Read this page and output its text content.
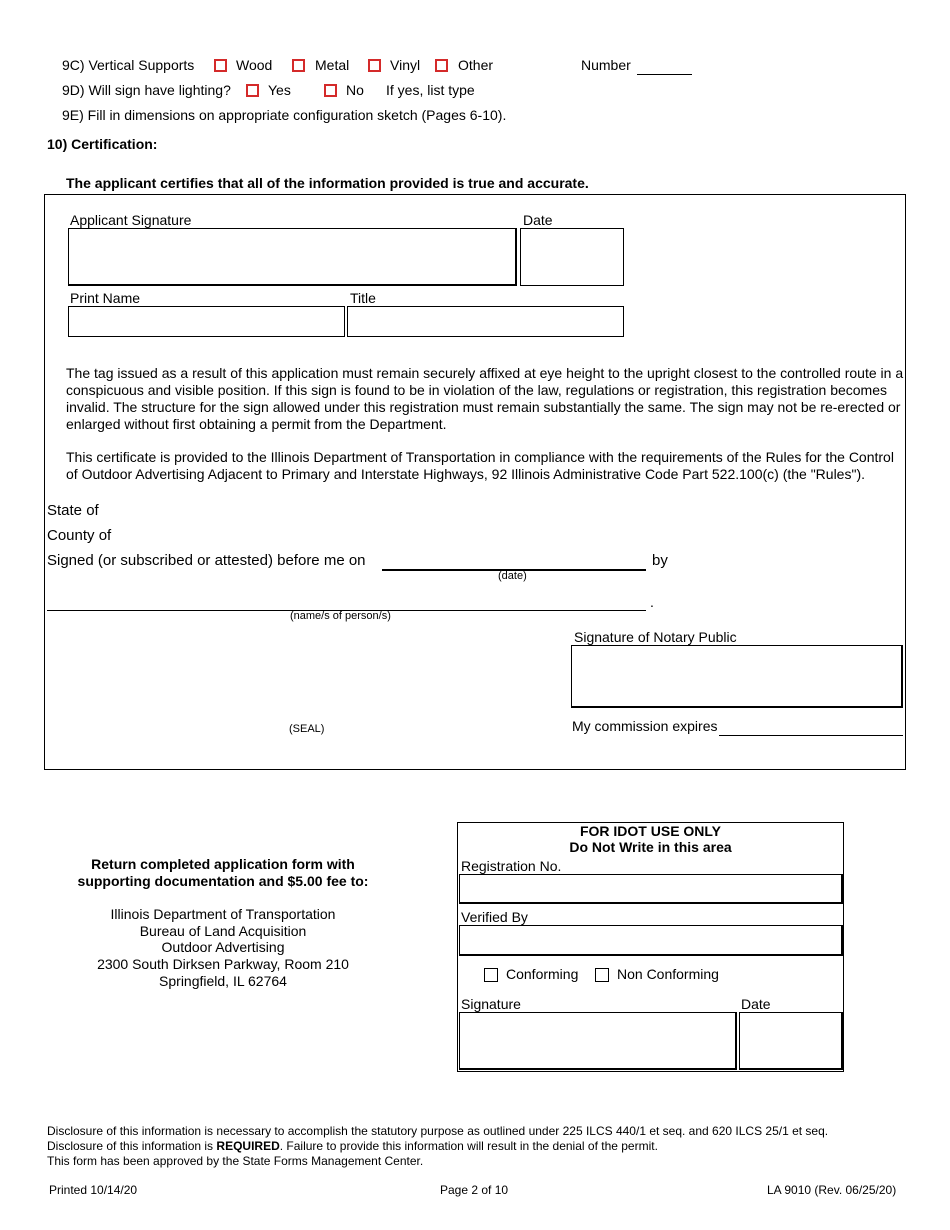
9C) Vertical Supports	Wood	Metal	Vinyl	Other	Number
9D) Will sign have lighting?	Yes	No If yes, list type
9E) Fill in dimensions on appropriate configuration sketch (Pages 6-10).
10) Certification:
The applicant certifies that all of the information provided is true and accurate.
Applicant Signature	Date
Print Name	Title
The tag issued as a result of this application must remain securely affixed at eye height to the upright closest to the controlled route in a conspicuous and visible position. If this sign is found to be in violation of the law, regulations or registration, this registration becomes invalid. The structure for the sign allowed under this registration must remain substantially the same. The sign may not be re-erected or enlarged without first obtaining a permit from the Department.
This certificate is provided to the Illinois Department of Transportation in compliance with the requirements of the Rules for the Control of Outdoor Advertising Adjacent to Primary and Interstate Highways, 92 Illinois Administrative Code Part 522.100(c) (the "Rules").
State of
County of
Signed (or subscribed or attested) before me on
(date)
by
.
(name/s of person/s)
Signature of Notary Public
(SEAL)	My commission expires
Return completed application form with
supporting documentation and $5.00 fee to:
Illinois Department of Transportation
Bureau of Land Acquisition
Outdoor Advertising
2300 South Dirksen Parkway, Room 210
Springfield, IL 62764
FOR IDOT USE ONLY
Do Not Write in this area
Registration No.
Verified By
Conforming	Non Conforming
Signature	Date
Disclosure of this information is necessary to accomplish the statutory purpose as outlined under 225 ILCS 440/1 et seq. and 620 ILCS 25/1 et seq.
Disclosure of this information is REQUIRED. Failure to provide this information will result in the denial of the permit.
This form has been approved by the State Forms Management Center.
Printed 10/14/20	Page 2 of 10	LA 9010 (Rev. 06/25/20)
